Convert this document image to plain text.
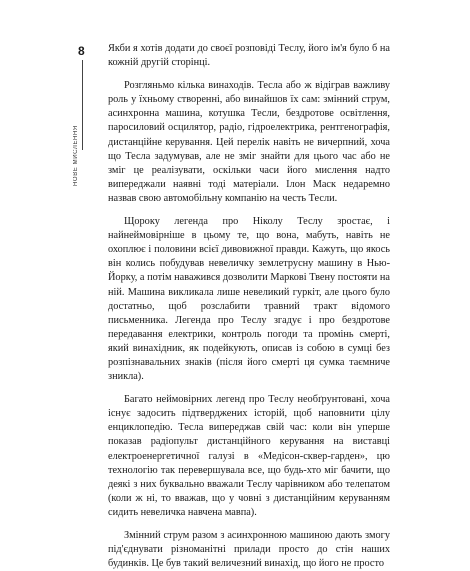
8
НОВЕ МИСЛЕННЯ

Якби я хотів додати до своєї розповіді Теслу, його ім'я було б на кожній другій сторінці.

Розгляньмо кілька винаходів. Тесла або ж відіграв важливу роль у їхньому створенні, або винайшов їх сам: змінний струм, асинхронна машина, котушка Тесли, бездротове освітлення, паросиловий осцилятор, радіо, гідроелектрика, рентгенографія, дистанційне керування. Цей перелік навіть не вичерпний, хоча що Тесла задумував, але не зміг знайти для цього час або не зміг це реалізувати, оскільки часи його мислення надто випереджали наявні тоді матеріали. Ілон Маск недаремно назвав свою автомобільну компанію на честь Тесли.

Щороку легенда про Ніколу Теслу зростає, і найнеймовірніше в цьому те, що вона, мабуть, навіть не охоплює і половини всієї дивовижної правди. Кажуть, що якось він колись побудував невеличку землетрусну машину в Нью-Йорку, а потім наважився дозволити Маркові Твену постояти на ній. Машина викликала лише невеликий гуркіт, але цього було достатньо, щоб розслабити травний тракт відомого письменника. Легенда про Теслу згадує і про бездротове передавання електрики, контроль погоди та промінь смерті, який винахідник, як подейкують, описав із собою в сумці без розпізнавальних знаків (після його смерті ця сумка таємниче зникла).

Багато неймовірних легенд про Теслу необґрунтовані, хоча існує задосить підтверджених історій, щоб наповнити цілу енциклопедію. Тесла випереджав свій час: коли він уперше показав радіопульт дистанційного керування на виставці електроенергетичної галузі в «Медісон-сквер-гарден», цю технологію так перевершувала все, що будь-хто міг бачити, що деякі з них буквально вважали Теслу чарівником або телепатом (коли ж ні, то вважав, що у човні з дистанційним керуванням сидить невеличка навчена мавпа).

Змінний струм разом з асинхронною машиною дають змогу під'єднувати різноманітні прилади просто до стін наших будинків. Це був такий величезний винахід, що його не просто
